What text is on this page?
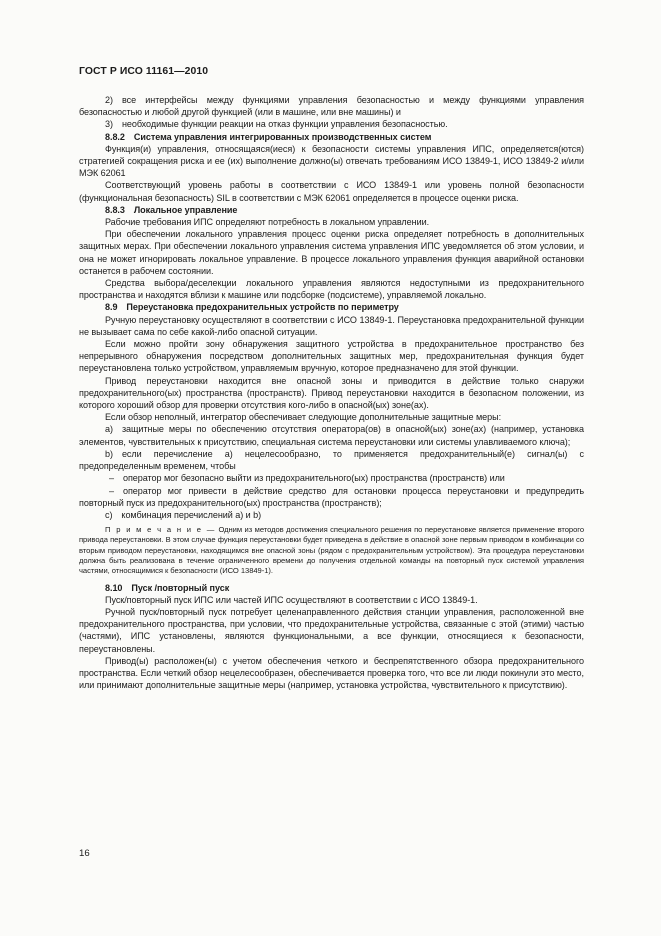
ГОСТ Р ИСО 11161—2010

2) все интерфейсы между функциями управления безопасностью и между функциями управления безопасностью и любой другой функцией (или в машине, или вне машины) и

3) необходимые функции реакции на отказ функции управления безопасностью.

8.8.2 Система управления интегрированных производственных систем

Функция(и) управления, относящаяся(иеся) к безопасности системы управления ИПС, определяется(ются) стратегией сокращения риска и ее (их) выполнение должно(ы) отвечать требованиям ИСО 13849-1, ИСО 13849-2 и/или МЭК 62061

Соответствующий уровень работы в соответствии с ИСО 13849-1 или уровень полной безопасности (функциональная безопасность) SIL в соответствии с МЭК 62061 определяется в процессе оценки риска.

8.8.3 Локальное управление

Рабочие требования ИПС определяют потребность в локальном управлении.

При обеспечении локального управления процесс оценки риска определяет потребность в дополнительных защитных мерах. При обеспечении локального управления система управления ИПС уведомляется об этом условии, и она не может игнорировать локальное управление. В процессе локального управления функция аварийной остановки останется в рабочем состоянии.

Средства выбора/деселекции локального управления являются недоступными из предохранительного пространства и находятся вблизи к машине или подсборке (подсистеме), управляемой локально.

8.9 Переустановка предохранительных устройств по периметру

Ручную переустановку осуществляют в соответствии с ИСО 13849-1. Переустановка предохранительной функции не вызывает сама по себе какой-либо опасной ситуации.

Если можно пройти зону обнаружения защитного устройства в предохранительное пространство без непрерывного обнаружения посредством дополнительных защитных мер, предохранительная функция будет переустановлена только устройством, управляемым вручную, которое предназначено для этой функции.

Привод переустановки находится вне опасной зоны и приводится в действие только снаружи предохранительного(ых) пространства (пространств). Привод переустановки находится в безопасном положении, из которого хороший обзор для проверки отсутствия кого-либо в опасной(ых) зоне(ах).

Если обзор неполный, интегратор обеспечивает следующие дополнительные защитные меры:

a) защитные меры по обеспечению отсутствия оператора(ов) в опасной(ых) зоне(ах) (например, установка элементов, чувствительных к присутствию, специальная система переустановки или системы улавливаемого ключа);

b) если перечисление а) нецелесообразно, то применяется предохранительный(е) сигнал(ы) с предопределенным временем, чтобы

– оператор мог безопасно выйти из предохранительного(ых) пространства (пространств) или

– оператор мог привести в действие средство для остановки процесса переустановки и предупредить повторный пуск из предохранительного(ых) пространства (пространств);

c) комбинация перечислений а) и b)

П р и м е ч а н и е — Одним из методов достижения специального решения по переустановке является применение второго привода переустановки. В этом случае функция переустановки будет приведена в действие в опасной зоне первым приводом в комбинации со вторым приводом переустановки, находящимся вне опасной зоны (рядом с предохранительным устройством). Эта процедура переустановки должна быть реализована в течение ограниченного времени до получения отдельной команды на повторный пуск системой управления частями, относящимися к безопасности (ИСО 13849-1).

8.10 Пуск /повторный пуск

Пуск/повторный пуск ИПС или частей ИПС осуществляют в соответствии с ИСО 13849-1.

Ручной пуск/повторный пуск потребует целенаправленного действия станции управления, расположенной вне предохранительного пространства, при условии, что предохранительные устройства, связанные с этой (этими) частью (частями), ИПС установлены, являются функциональными, а все функции, относящиеся к безопасности, переустановлены.

Привод(ы) расположен(ы) с учетом обеспечения четкого и беспрепятственного обзора предохранительного пространства. Если четкий обзор нецелесообразен, обеспечивается проверка того, что все ли люди покинули это место, или принимают дополнительные защитные меры (например, установка устройства, чувствительного к присутствию).

16
